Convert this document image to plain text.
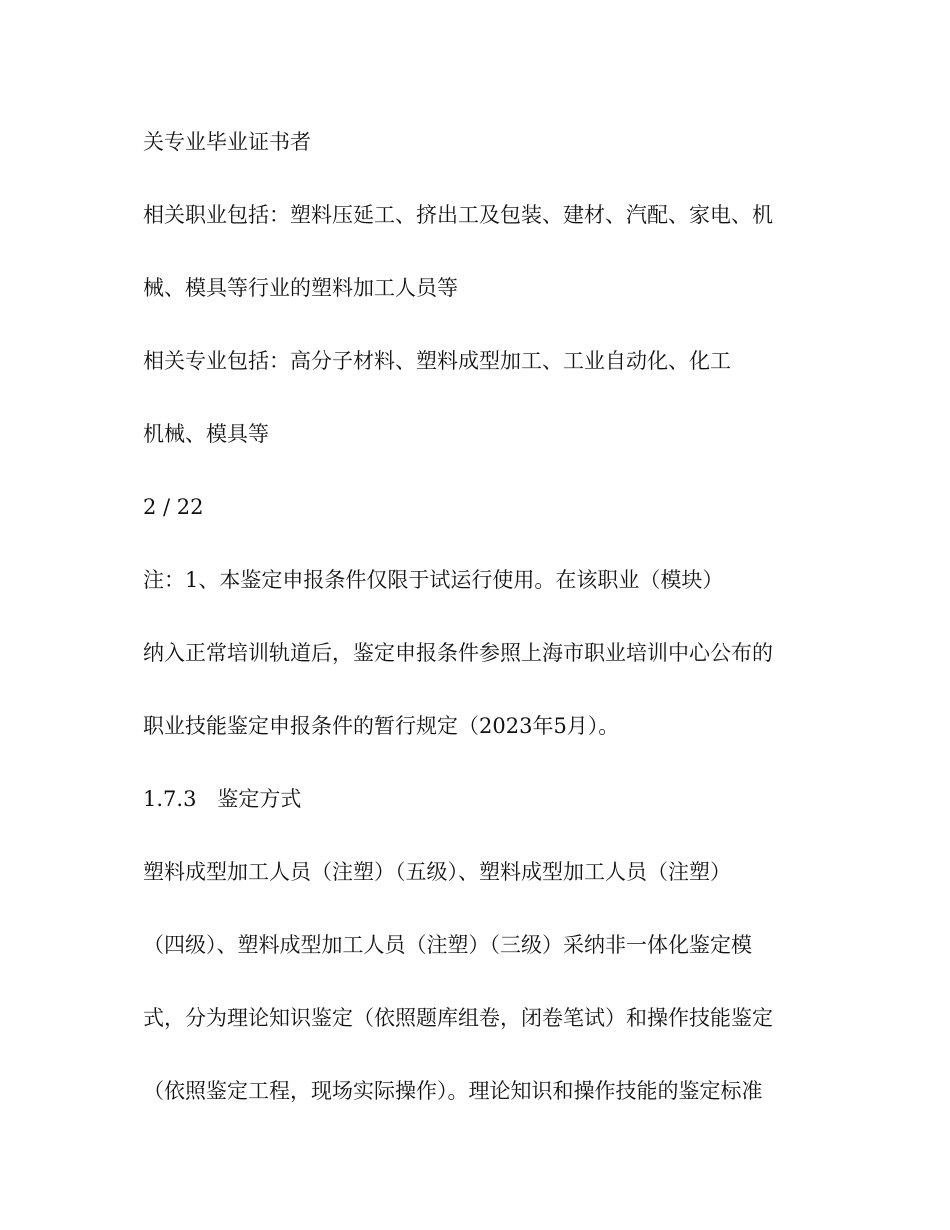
关专业毕业证书者

相关职业包括：塑料压延工、挤出工及包装、建材、汽配、家电、机

械、模具等行业的塑料加工人员等

相关专业包括：高分子材料、塑料成型加工、工业自动化、化工

机械、模具等

2 / 22

注：1、本鉴定申报条件仅限于试运行使用。在该职业（模块）

纳入正常培训轨道后，鉴定申报条件参照上海市职业培训中心公布的

职业技能鉴定申报条件的暂行规定（2023年5月）。

1.7.3　鉴定方式

塑料成型加工人员（注塑）（五级）、塑料成型加工人员（注塑）

（四级）、塑料成型加工人员（注塑）（三级）采纳非一体化鉴定模

式，分为理论知识鉴定（依照题库组卷，闭卷笔试）和操作技能鉴定

（依照鉴定工程，现场实际操作）。理论知识和操作技能的鉴定标准
